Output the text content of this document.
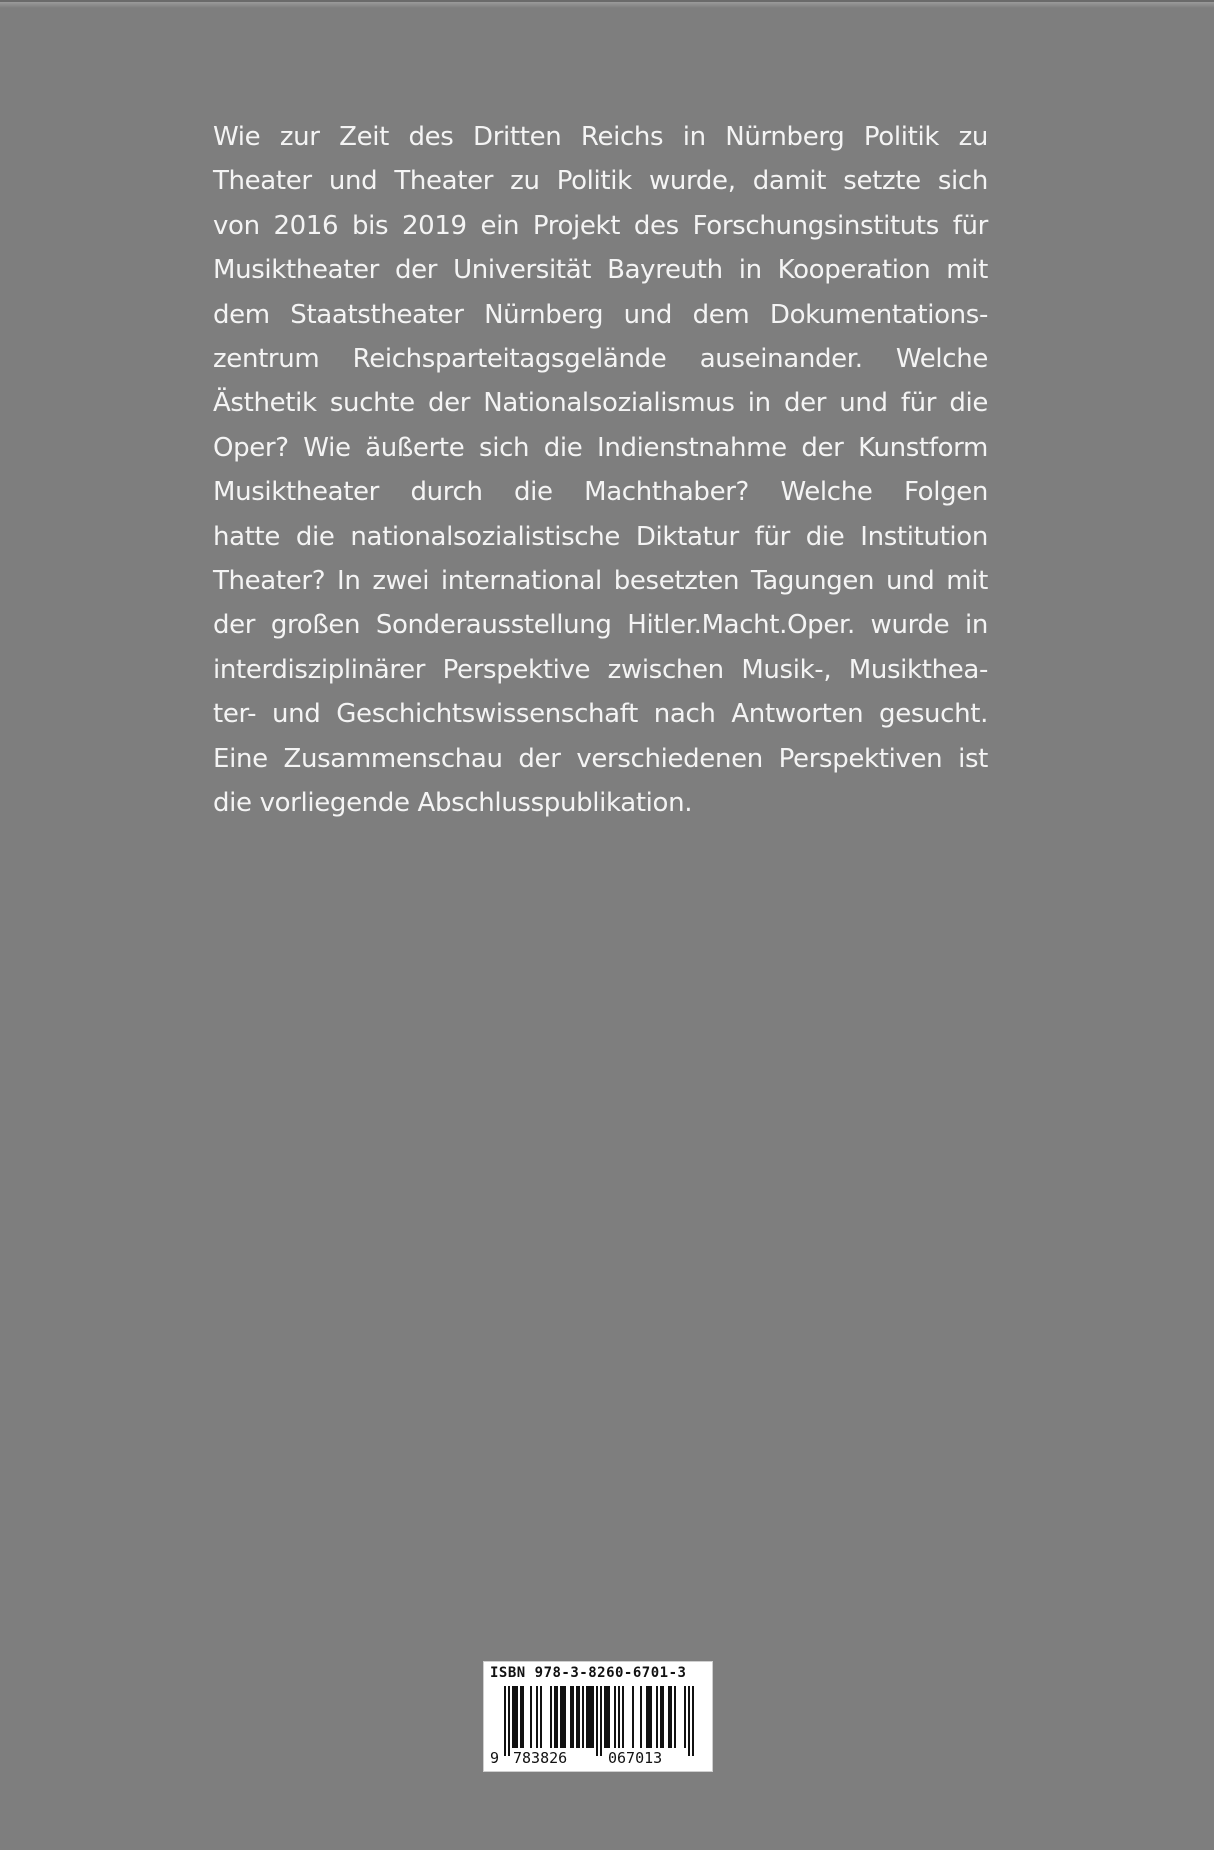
Wie zur Zeit des Dritten Reichs in Nürnberg Politik zu
Theater und Theater zu Politik wurde, damit setzte sich
von 2016 bis 2019 ein Projekt des Forschungsinstituts für
Musiktheater der Universität Bayreuth in Kooperation mit
dem Staatstheater Nürnberg und dem Dokumentations-
zentrum Reichsparteitagsgelände auseinander. Welche
Ästhetik suchte der Nationalsozialismus in der und für die
Oper? Wie äußerte sich die Indienstnahme der Kunstform
Musiktheater durch die Machthaber? Welche Folgen
hatte die nationalsozialistische Diktatur für die Institution
Theater? In zwei international besetzten Tagungen und mit
der großen Sonderausstellung Hitler.Macht.Oper. wurde in
interdisziplinärer Perspektive zwischen Musik-, Musikthea-
ter- und Geschichtswissenschaft nach Antworten gesucht.
Eine Zusammenschau der verschiedenen Perspektiven ist
die vorliegende Abschlusspublikation.

ISBN 978-3-8260-6701-3
9 783826	067013
